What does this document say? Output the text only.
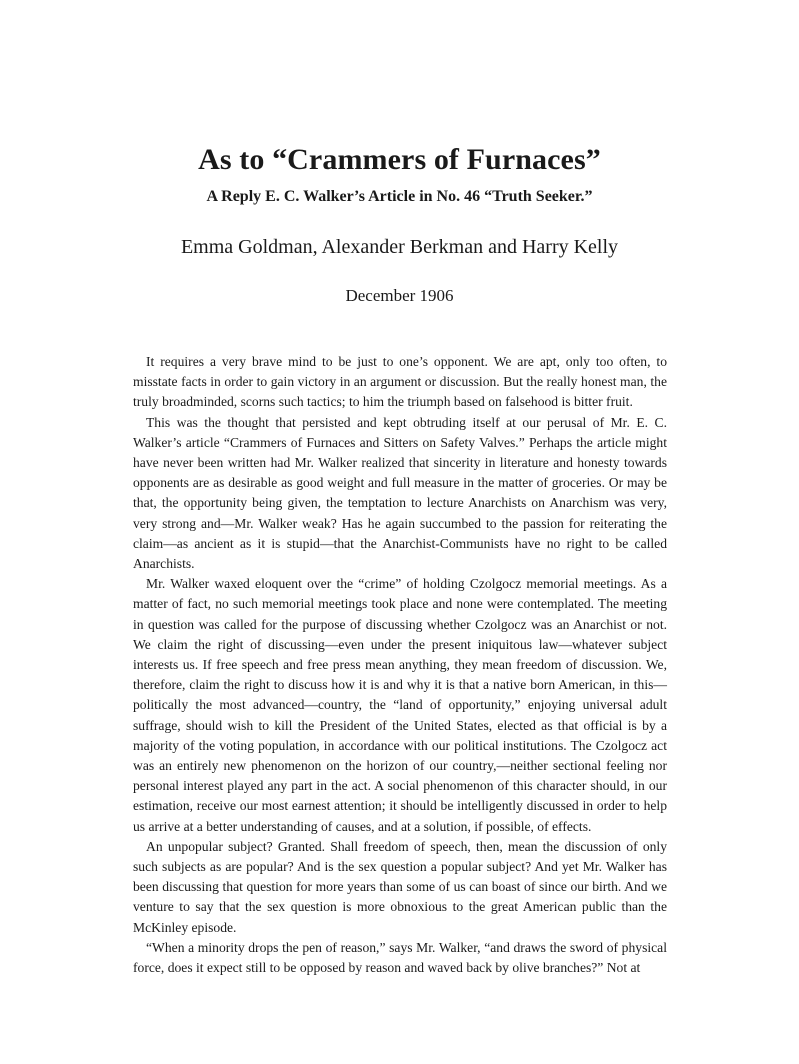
As to “Crammers of Furnaces”
A Reply E. C. Walker’s Article in No. 46 “Truth Seeker.”
Emma Goldman, Alexander Berkman and Harry Kelly
December 1906

It requires a very brave mind to be just to one’s opponent. We are apt, only too often, to misstate facts in order to gain victory in an argument or discussion. But the really honest man, the truly broadminded, scorns such tactics; to him the triumph based on falsehood is bitter fruit.

This was the thought that persisted and kept obtruding itself at our perusal of Mr. E. C. Walker’s article “Crammers of Furnaces and Sitters on Safety Valves.” Perhaps the article might have never been written had Mr. Walker realized that sincerity in literature and honesty towards opponents are as desirable as good weight and full measure in the matter of groceries. Or may be that, the opportunity being given, the temptation to lecture Anarchists on Anarchism was very, very strong and—Mr. Walker weak? Has he again succumbed to the passion for reiterating the claim—as ancient as it is stupid—that the Anarchist-Communists have no right to be called Anarchists.

Mr. Walker waxed eloquent over the “crime” of holding Czolgocz memorial meetings. As a matter of fact, no such memorial meetings took place and none were contemplated. The meeting in question was called for the purpose of discussing whether Czolgocz was an Anarchist or not. We claim the right of discussing—even under the present iniquitous law—whatever subject interests us. If free speech and free press mean anything, they mean freedom of discussion. We, therefore, claim the right to discuss how it is and why it is that a native born American, in this—politically the most advanced—country, the “land of opportunity,” enjoying universal adult suffrage, should wish to kill the President of the United States, elected as that official is by a majority of the voting population, in accordance with our political institutions. The Czolgocz act was an entirely new phenomenon on the horizon of our country,—neither sectional feeling nor personal interest played any part in the act. A social phenomenon of this character should, in our estimation, receive our most earnest attention; it should be intelligently discussed in order to help us arrive at a better understanding of causes, and at a solution, if possible, of effects.

An unpopular subject? Granted. Shall freedom of speech, then, mean the discussion of only such subjects as are popular? And is the sex question a popular subject? And yet Mr. Walker has been discussing that question for more years than some of us can boast of since our birth. And we venture to say that the sex question is more obnoxious to the great American public than the McKinley episode.

“When a minority drops the pen of reason,” says Mr. Walker, “and draws the sword of physical force, does it expect still to be opposed by reason and waved back by olive branches?” Not at
